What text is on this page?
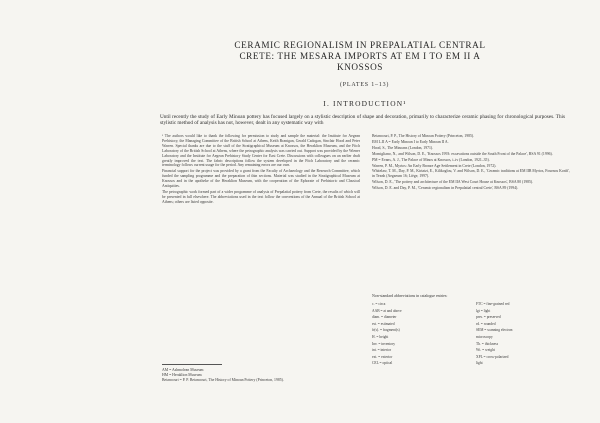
CERAMIC REGIONALISM IN PREPALATIAL CENTRAL
CRETE: THE MESARA IMPORTS AT EM I TO EM II A
KNOSSOS
(PLATES 1–13)
I. INTRODUCTION¹
Until recently the study of Early Minoan pottery has focused largely on a stylistic description of shape and decoration, primarily to characterize ceramic phasing for chronological purposes. This stylistic method of analysis has not, however, dealt in any systematic way with

¹ The authors would like to thank the following for permission to study and sample the material: the Institute for Aegean Prehistory, the Managing Committee of the British School at Athens, Keith Branigan, Gerald Cadogan, Sinclair Hood and Peter Warren. Special thanks are due to the staff of the Stratigraphical Museum at Knossos, the Heraklion Museum, and the Fitch Laboratory of the British School at Athens, where the petrographic analysis was carried out. Support was provided by the Wiener Laboratory and the Institute for Aegean Prehistory Study Center for East Crete. Discussions with colleagues on an earlier draft greatly improved the text. The fabric descriptions follow the system developed in the Fitch Laboratory and the ceramic terminology follows current usage for the period. Any remaining errors are our own.

Financial support for the project was provided by a grant from the Faculty of Archaeology and the Research Committee, which funded the sampling programme and the preparation of thin sections. Material was studied in the Stratigraphical Museum at Knossos and in the apotheke of the Heraklion Museum, with the cooperation of the Ephorate of Prehistoric and Classical Antiquities.

The petrographic work formed part of a wider programme of analysis of Prepalatial pottery from Crete, the results of which will be presented in full elsewhere. The abbreviations used in the text follow the conventions of the Annual of the British School at Athens; others are listed opposite.

Betancourt, P. P., The History of Minoan Pottery (Princeton, 1985).

EM I–II A = Early Minoan I to Early Minoan II A.

Hood, S., The Minoans (London, 1971).

Momigliano, N., and Wilson, D. E., 'Knossos 1993: excavations outside the South Front of the Palace', BSA 91 (1996).

PM = Evans, A. J., The Palace of Minos at Knossos, i–iv (London, 1921–35).

Warren, P. M., Myrtos: An Early Bronze Age Settlement in Crete (London, 1972).

Whitelaw, T. M., Day, P. M., Kiriatzi, E., Kilikoglou, V. and Wilson, D. E., 'Ceramic traditions at EM IIB Myrtos, Fournou Korifi', in Texnh (Aegaeum 16; Liège, 1997).

Wilson, D. E., 'The pottery and architecture of the EM IIA West Court House at Knossos', BSA 80 (1985).

Wilson, D. E. and Day, P. M., 'Ceramic regionalism in Prepalatial central Crete', BSA 89 (1994).

Non-standard abbreviations in catalogue entries:
c. = circa	FTC = fine-grained red
AAB = at and above	lgt = light
diam. = diameter	pres. = preserved
est. = estimated	rd. = rounded
fr(s). = fragment(s)	SEM = scanning electron
H. = height	microscopy
Inv. = inventory	Th. = thickness
int. = interior	Wt. = weight
ext. = exterior	XPL = cross-polarized
CEL = optical	light
AM = Ashmolean Museum
HM = Heraklion Museum
Betancourt = P. P. Betancourt, The History of Minoan Pottery (Princeton, 1985).
